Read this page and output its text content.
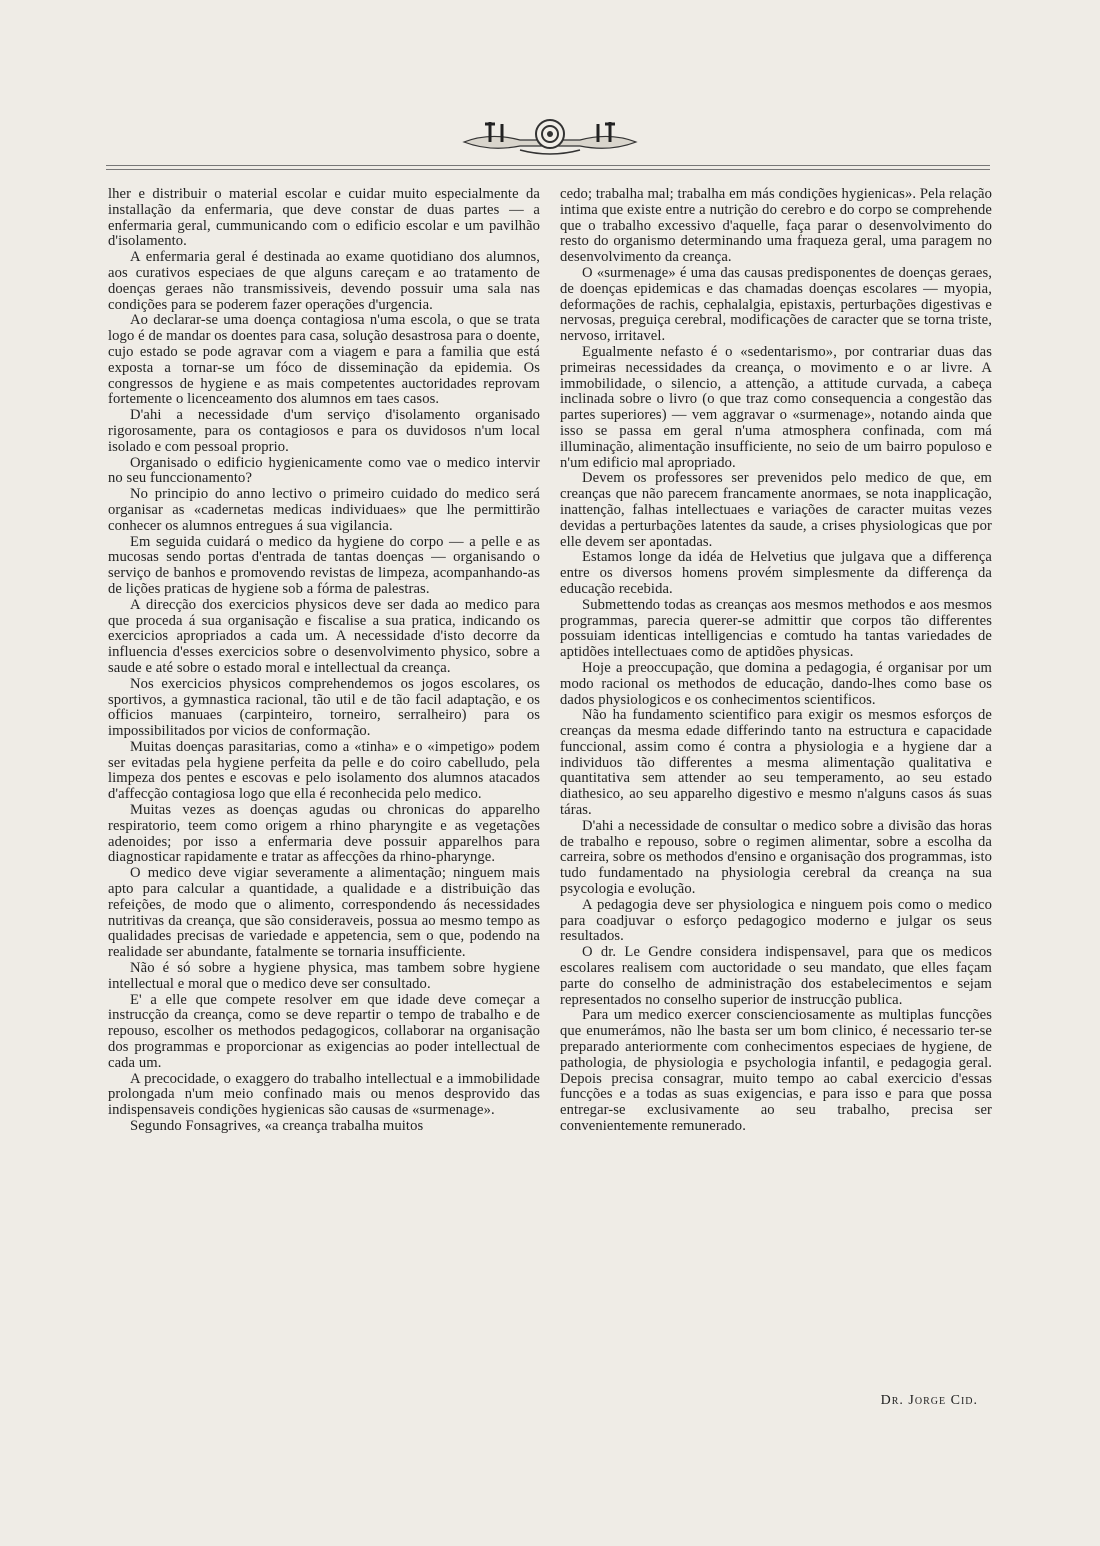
lher e distribuir o material escolar e cuidar muito especialmente da installação da enfermaria, que deve constar de duas partes — a enfermaria geral, cummunicando com o edificio escolar e um pavilhão d'isolamento.

A enfermaria geral é destinada ao exame quotidiano dos alumnos, aos curativos especiaes de que alguns careçam e ao tratamento de doenças geraes não transmissiveis, devendo possuir uma sala nas condições para se poderem fazer operações d'urgencia.

Ao declarar-se uma doença contagiosa n'uma escola, o que se trata logo é de mandar os doentes para casa, solução desastrosa para o doente, cujo estado se pode agravar com a viagem e para a familia que está exposta a tornar-se um fóco de disseminação da epidemia. Os congressos de hygiene e as mais competentes auctoridades reprovam fortemente o licenceamento dos alumnos em taes casos.

D'ahi a necessidade d'um serviço d'isolamento organisado rigorosamente, para os contagiosos e para os duvidosos n'um local isolado e com pessoal proprio.

Organisado o edificio hygienicamente como vae o medico intervir no seu funccionamento?

No principio do anno lectivo o primeiro cuidado do medico será organisar as «cadernetas medicas individuaes» que lhe permittirão conhecer os alumnos entregues á sua vigilancia.

Em seguida cuidará o medico da hygiene do corpo — a pelle e as mucosas sendo portas d'entrada de tantas doenças — organisando o serviço de banhos e promovendo revistas de limpeza, acompanhando-as de lições praticas de hygiene sob a fórma de palestras.

A direcção dos exercicios physicos deve ser dada ao medico para que proceda á sua organisação e fiscalise a sua pratica, indicando os exercicios apropriados a cada um. A necessidade d'isto decorre da influencia d'esses exercicios sobre o desenvolvimento physico, sobre a saude e até sobre o estado moral e intellectual da creança.

Nos exercicios physicos comprehendemos os jogos escolares, os sportivos, a gymnastica racional, tão util e de tão facil adaptação, e os officios manuaes (carpinteiro, torneiro, serralheiro) para os impossibilitados por vicios de conformação.

Muitas doenças parasitarias, como a «tinha» e o «impetigo» podem ser evitadas pela hygiene perfeita da pelle e do coiro cabelludo, pela limpeza dos pentes e escovas e pelo isolamento dos alumnos atacados d'affecção contagiosa logo que ella é reconhecida pelo medico.

Muitas vezes as doenças agudas ou chronicas do apparelho respiratorio, teem como origem a rhino pharyngite e as vegetações adenoides; por isso a enfermaria deve possuir apparelhos para diagnosticar rapidamente e tratar as affecções da rhino-pharynge.

O medico deve vigiar severamente a alimentação; ninguem mais apto para calcular a quantidade, a qualidade e a distribuição das refeições, de modo que o alimento, correspondendo ás necessidades nutritivas da creança, que são consideraveis, possua ao mesmo tempo as qualidades precisas de variedade e appetencia, sem o que, podendo na realidade ser abundante, fatalmente se tornaria insufficiente.

Não é só sobre a hygiene physica, mas tambem sobre hygiene intellectual e moral que o medico deve ser consultado.

E' a elle que compete resolver em que idade deve começar a instrucção da creança, como se deve repartir o tempo de trabalho e de repouso, escolher os methodos pedagogicos, collaborar na organisação dos programmas e proporcionar as exigencias ao poder intellectual de cada um.

A precocidade, o exaggero do trabalho intellectual e a immobilidade prolongada n'um meio confinado mais ou menos desprovido das indispensaveis condições hygienicas são causas de «surmenage».

Segundo Fonsagrives, «a creança trabalha muitos

cedo; trabalha mal; trabalha em más condições hygienicas». Pela relação intima que existe entre a nutrição do cerebro e do corpo se comprehende que o trabalho excessivo d'aquelle, faça parar o desenvolvimento do resto do organismo determinando uma fraqueza geral, uma paragem no desenvolvimento da creança.

O «surmenage» é uma das causas predisponentes de doenças geraes, de doenças epidemicas e das chamadas doenças escolares — myopia, deformações de rachis, cephalalgia, epistaxis, perturbações digestivas e nervosas, preguiça cerebral, modificações de caracter que se torna triste, nervoso, irritavel.

Egualmente nefasto é o «sedentarismo», por contrariar duas das primeiras necessidades da creança, o movimento e o ar livre. A immobilidade, o silencio, a attenção, a attitude curvada, a cabeça inclinada sobre o livro (o que traz como consequencia a congestão das partes superiores) — vem aggravar o «surmenage», notando ainda que isso se passa em geral n'uma atmosphera confinada, com má illuminação, alimentação insufficiente, no seio de um bairro populoso e n'um edificio mal apropriado.

Devem os professores ser prevenidos pelo medico de que, em creanças que não parecem francamente anormaes, se nota inapplicação, inattenção, falhas intellectuaes e variações de caracter muitas vezes devidas a perturbações latentes da saude, a crises physiologicas que por elle devem ser apontadas.

Estamos longe da idéa de Helvetius que julgava que a differença entre os diversos homens provém simplesmente da differença da educação recebida.

Submettendo todas as creanças aos mesmos methodos e aos mesmos programmas, parecia querer-se admittir que corpos tão differentes possuiam identicas intelligencias e comtudo ha tantas variedades de aptidões intellectuaes como de aptidões physicas.

Hoje a preoccupação, que domina a pedagogia, é organisar por um modo racional os methodos de educação, dando-lhes como base os dados physiologicos e os conhecimentos scientificos.

Não ha fundamento scientifico para exigir os mesmos esforços de creanças da mesma edade differindo tanto na estructura e capacidade funccional, assim como é contra a physiologia e a hygiene dar a individuos tão differentes a mesma alimentação qualitativa e quantitativa sem attender ao seu temperamento, ao seu estado diathesico, ao seu apparelho digestivo e mesmo n'alguns casos ás suas táras.

D'ahi a necessidade de consultar o medico sobre a divisão das horas de trabalho e repouso, sobre o regimen alimentar, sobre a escolha da carreira, sobre os methodos d'ensino e organisação dos programmas, isto tudo fundamentado na physiologia cerebral da creança na sua psycologia e evolução.

A pedagogia deve ser physiologica e ninguem pois como o medico para coadjuvar o esforço pedagogico moderno e julgar os seus resultados.

O dr. Le Gendre considera indispensavel, para que os medicos escolares realisem com auctoridade o seu mandato, que elles façam parte do conselho de administração dos estabelecimentos e sejam representados no conselho superior de instrucção publica.

Para um medico exercer conscienciosamente as multiplas funcções que enumerámos, não lhe basta ser um bom clinico, é necessario ter-se preparado anteriormente com conhecimentos especiaes de hygiene, de pathologia, de physiologia e psychologia infantil, e pedagogia geral. Depois precisa consagrar, muito tempo ao cabal exercicio d'essas funcções e a todas as suas exigencias, e para isso e para que possa entregar-se exclusivamente ao seu trabalho, precisa ser convenientemente remunerado.

Dr. Jorge Cid.
